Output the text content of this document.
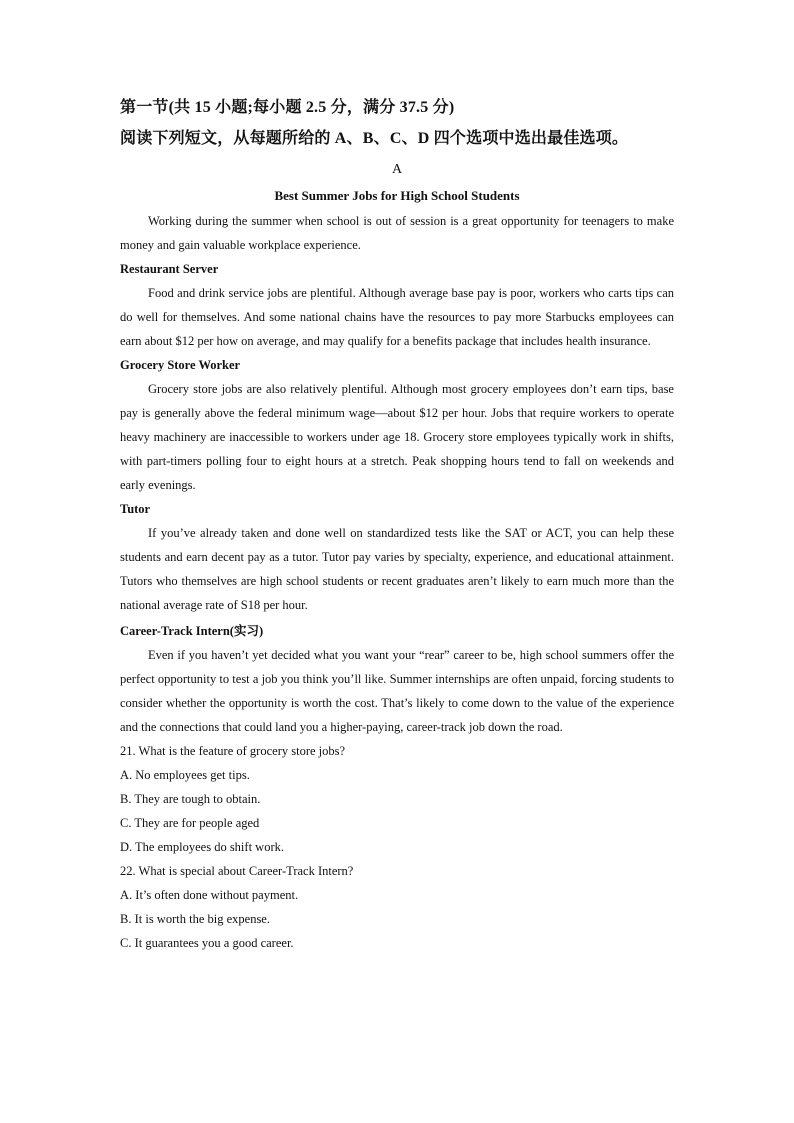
第一节(共 15 小题;每小题 2.5 分，满分 37.5 分)

阅读下列短文，从每题所给的 A、B、C、D 四个选项中选出最佳选项。

A

Best Summer Jobs for High School Students

Working during the summer when school is out of session is a great opportunity for teenagers to make money and gain valuable workplace experience.

Restaurant Server

Food and drink service jobs are plentiful. Although average base pay is poor, workers who carts tips can do well for themselves. And some national chains have the resources to pay more Starbucks employees can earn about $12 per how on average, and may qualify for a benefits package that includes health insurance.

Grocery Store Worker

Grocery store jobs are also relatively plentiful. Although most grocery employees don’t earn tips, base pay is generally above the federal minimum wage—about $12 per hour. Jobs that require workers to operate heavy machinery are inaccessible to workers under age 18. Grocery store employees typically work in shifts, with part-timers polling four to eight hours at a stretch. Peak shopping hours tend to fall on weekends and early evenings.

Tutor

If you’ve already taken and done well on standardized tests like the SAT or ACT, you can help these students and earn decent pay as a tutor. Tutor pay varies by specialty, experience, and educational attainment. Tutors who themselves are high school students or recent graduates aren’t likely to earn much more than the national average rate of S18 per hour.

Career-Track Intern(实习)

Even if you haven’t yet decided what you want your “rear” career to be, high school summers offer the perfect opportunity to test a job you think you’ll like. Summer internships are often unpaid, forcing students to consider whether the opportunity is worth the cost. That’s likely to come down to the value of the experience and the connections that could land you a higher-paying, career-track job down the road.

21. What is the feature of grocery store jobs?

A. No employees get tips.

B. They are tough to obtain.

C. They are for people aged

D. The employees do shift work.

22. What is special about Career-Track Intern?

A. It’s often done without payment.

B. It is worth the big expense.

C. It guarantees you a good career.
